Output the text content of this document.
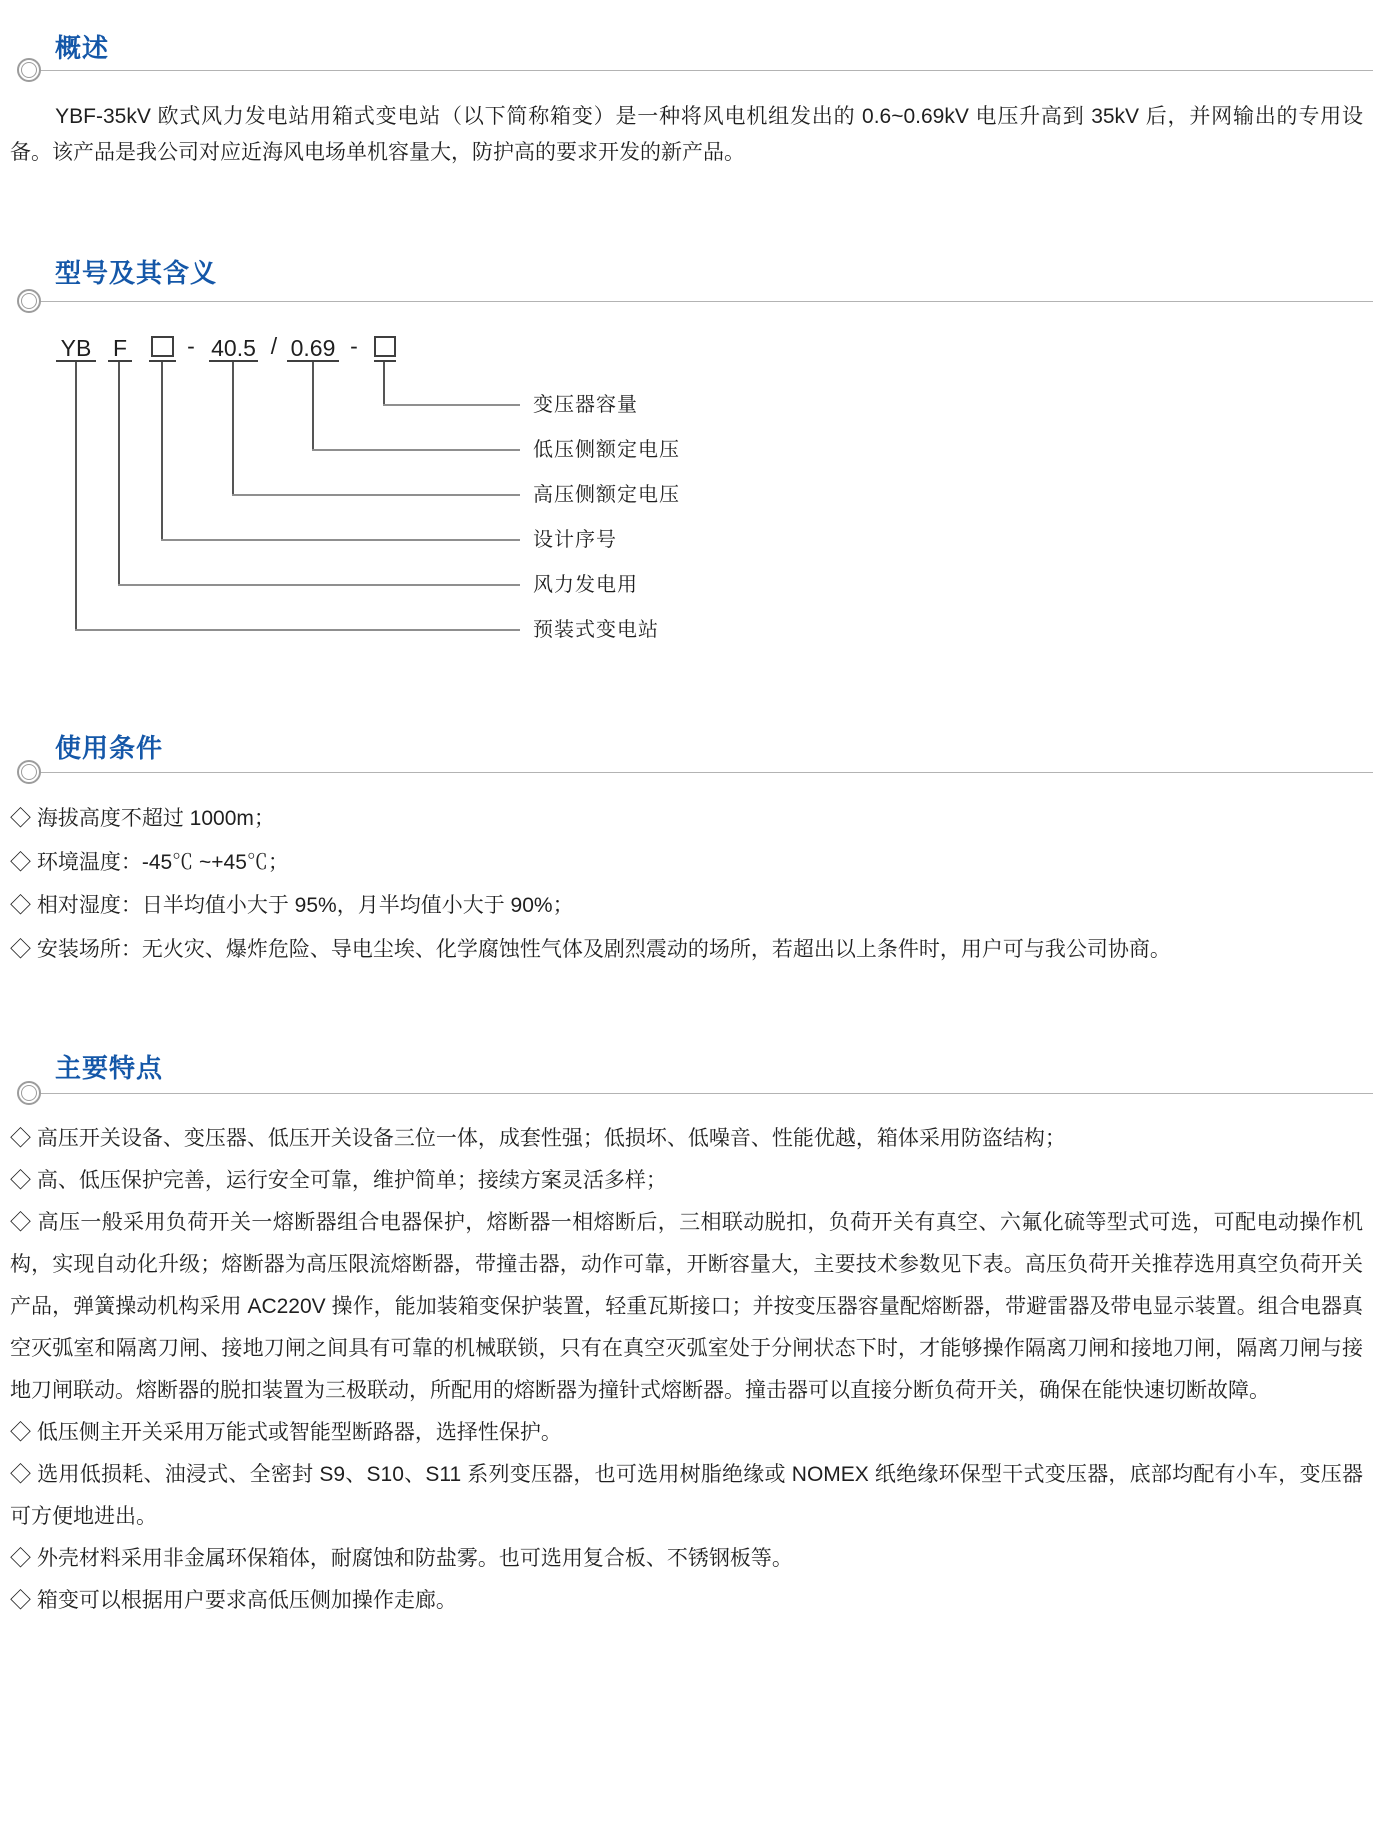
概述
YBF-35kV 欧式风力发电站用箱式变电站（以下简称箱变）是一种将风电机组发出的 0.6~0.69kV 电压升高到 35kV 后，并网输出的专用设备。该产品是我公司对应近海风电场单机容量大，防护高的要求开发的新产品。
型号及其含义
YB F	- 40.5 / 0.69 -
变压器容量
低压侧额定电压
高压侧额定电压
设计序号
风力发电用
预装式变电站
使用条件

◇ 海拔高度不超过 1000m；

◇ 环境温度：-45℃ ~+45℃；

◇ 相对湿度：日半均值小大于 95%，月半均值小大于 90%；

◇ 安装场所：无火灾、爆炸危险、导电尘埃、化学腐蚀性气体及剧烈震动的场所，若超出以上条件时，用户可与我公司协商。

主要特点

◇ 高压开关设备、变压器、低压开关设备三位一体，成套性强；低损坏、低噪音、性能优越，箱体采用防盗结构；

◇ 高、低压保护完善，运行安全可靠，维护简单；接续方案灵活多样；

◇ 高压一般采用负荷开关一熔断器组合电器保护，熔断器一相熔断后，三相联动脱扣，负荷开关有真空、六氟化硫等型式可选，可配电动操作机构，实现自动化升级；熔断器为高压限流熔断器，带撞击器，动作可靠，开断容量大，主要技术参数见下表。高压负荷开关推荐选用真空负荷开关产品，弹簧操动机构采用 AC220V 操作，能加装箱变保护装置，轻重瓦斯接口；并按变压器容量配熔断器，带避雷器及带电显示装置。组合电器真空灭弧室和隔离刀闸、接地刀闸之间具有可靠的机械联锁，只有在真空灭弧室处于分闸状态下时，才能够操作隔离刀闸和接地刀闸，隔离刀闸与接地刀闸联动。熔断器的脱扣装置为三极联动，所配用的熔断器为撞针式熔断器。撞击器可以直接分断负荷开关，确保在能快速切断故障。

◇ 低压侧主开关采用万能式或智能型断路器，选择性保护。

◇ 选用低损耗、油浸式、全密封 S9、S10、S11 系列变压器，也可选用树脂绝缘或 NOMEX 纸绝缘环保型干式变压器，底部均配有小车，变压器可方便地进出。

◇ 外壳材料采用非金属环保箱体，耐腐蚀和防盐雾。也可选用复合板、不锈钢板等。

◇ 箱变可以根据用户要求高低压侧加操作走廊。
